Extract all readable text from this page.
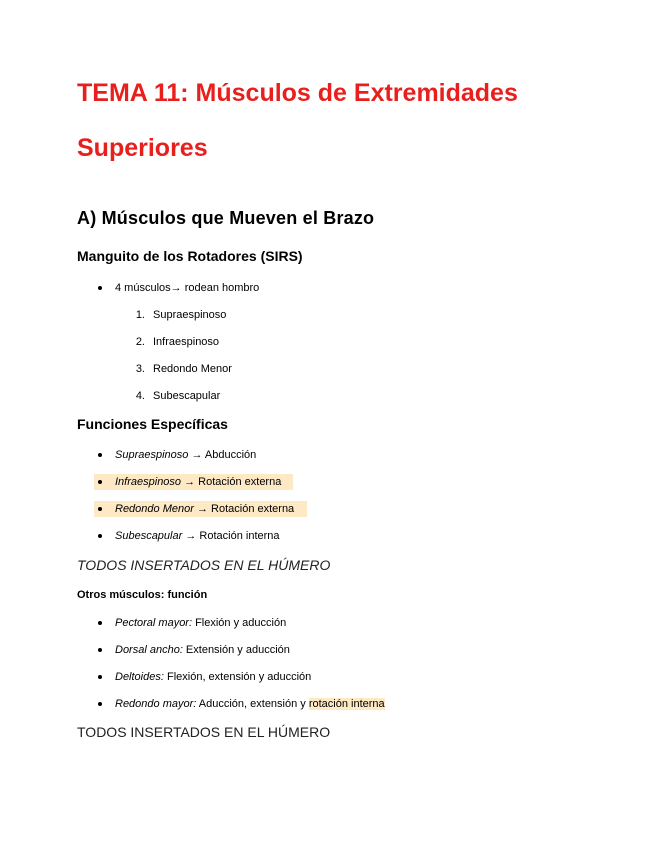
TEMA 11: Músculos de Extremidades
Superiores
A) Músculos que Mueven el Brazo
Manguito de los Rotadores (SIRS)
4 músculos→ rodean hombro
1. Supraespinoso
2. Infraespinoso
3. Redondo Menor
4. Subescapular
Funciones Específicas
Supraespinoso → Abducción
Infraespinoso → Rotación externa
Redondo Menor → Rotación externa
Subescapular → Rotación interna
TODOS INSERTADOS EN EL HÚMERO
Otros músculos: función
Pectoral mayor: Flexión y aducción
Dorsal ancho: Extensión y aducción
Deltoides: Flexión, extensión y aducción
Redondo mayor: Aducción, extensión y rotación interna
TODOS INSERTADOS EN EL HÚMERO
